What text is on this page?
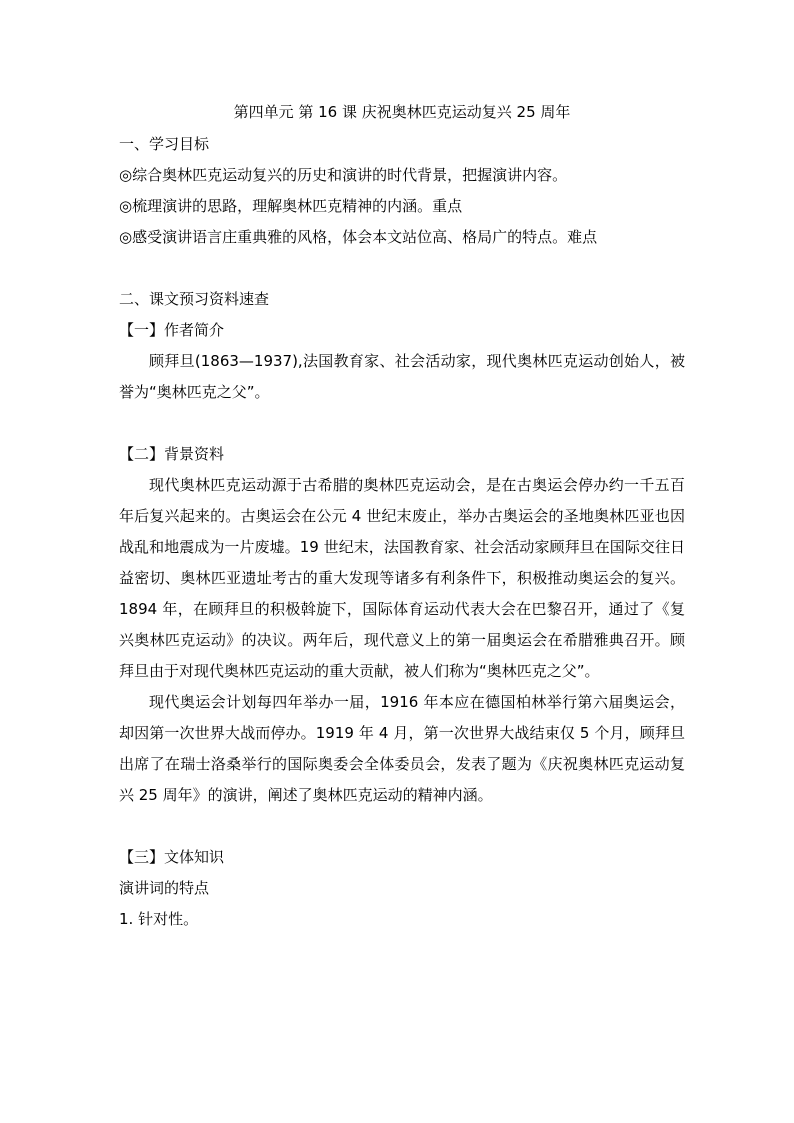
第四单元 第 16 课 庆祝奥林匹克运动复兴 25 周年
一、学习目标
◎综合奥林匹克运动复兴的历史和演讲的时代背景，把握演讲内容。
◎梳理演讲的思路，理解奥林匹克精神的内涵。重点
◎感受演讲语言庄重典雅的风格，体会本文站位高、格局广的特点。难点
二、课文预习资料速查
【一】作者简介
顾拜旦(1863—1937),法国教育家、社会活动家，现代奥林匹克运动创始人，被誉为“奥林匹克之父”。
【二】背景资料
现代奥林匹克运动源于古希腊的奥林匹克运动会，是在古奥运会停办约一千五百年后复兴起来的。古奥运会在公元 4 世纪末废止，举办古奥运会的圣地奥林匹亚也因战乱和地震成为一片废墟。19 世纪末，法国教育家、社会活动家顾拜旦在国际交往日益密切、奥林匹亚遗址考古的重大发现等诸多有利条件下，积极推动奥运会的复兴。1894 年，在顾拜旦的积极斡旋下，国际体育运动代表大会在巴黎召开，通过了《复兴奥林匹克运动》的决议。两年后，现代意义上的第一届奥运会在希腊雅典召开。顾拜旦由于对现代奥林匹克运动的重大贡献，被人们称为“奥林匹克之父”。
现代奥运会计划每四年举办一届，1916 年本应在德国柏林举行第六届奥运会，却因第一次世界大战而停办。1919 年 4 月，第一次世界大战结束仅 5 个月，顾拜旦出席了在瑞士洛桑举行的国际奥委会全体委员会，发表了题为《庆祝奥林匹克运动复兴 25 周年》的演讲，阐述了奥林匹克运动的精神内涵。
【三】文体知识
演讲词的特点
1. 针对性。
